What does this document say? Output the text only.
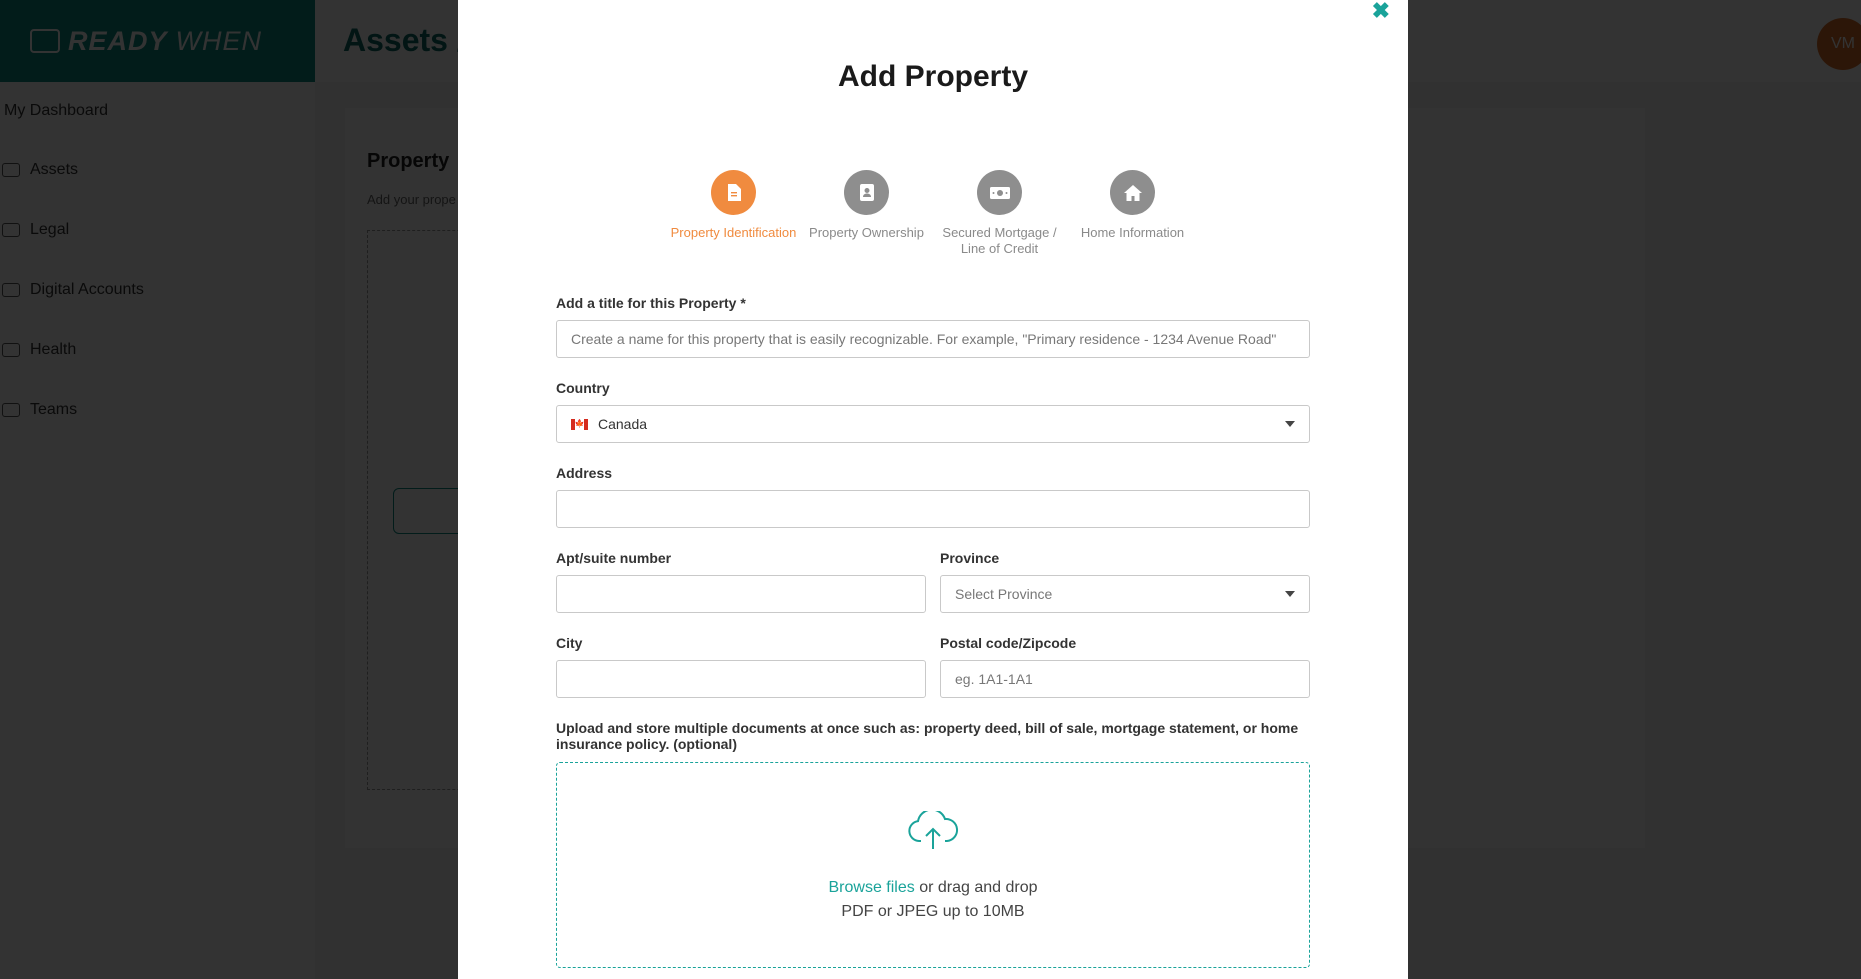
✖
Add Property
Property Identification Property Ownership	Secured Mortgage / Line of Credit
Home Information
Add a title for this Property *
Create a name for this property that is easily recognizable. For example, "Primary residence - 1234 Avenue Road"
Country
🍁 Canada
Address
Apt/suite number	Province
Select Province
City	Postal code/Zipcode
eg. 1A1-1A1
Upload and store multiple documents at once such as: property deed, bill of sale, mortgage statement, or home insurance policy. (optional)
Browse files or drag and drop
PDF or JPEG up to 10MB
